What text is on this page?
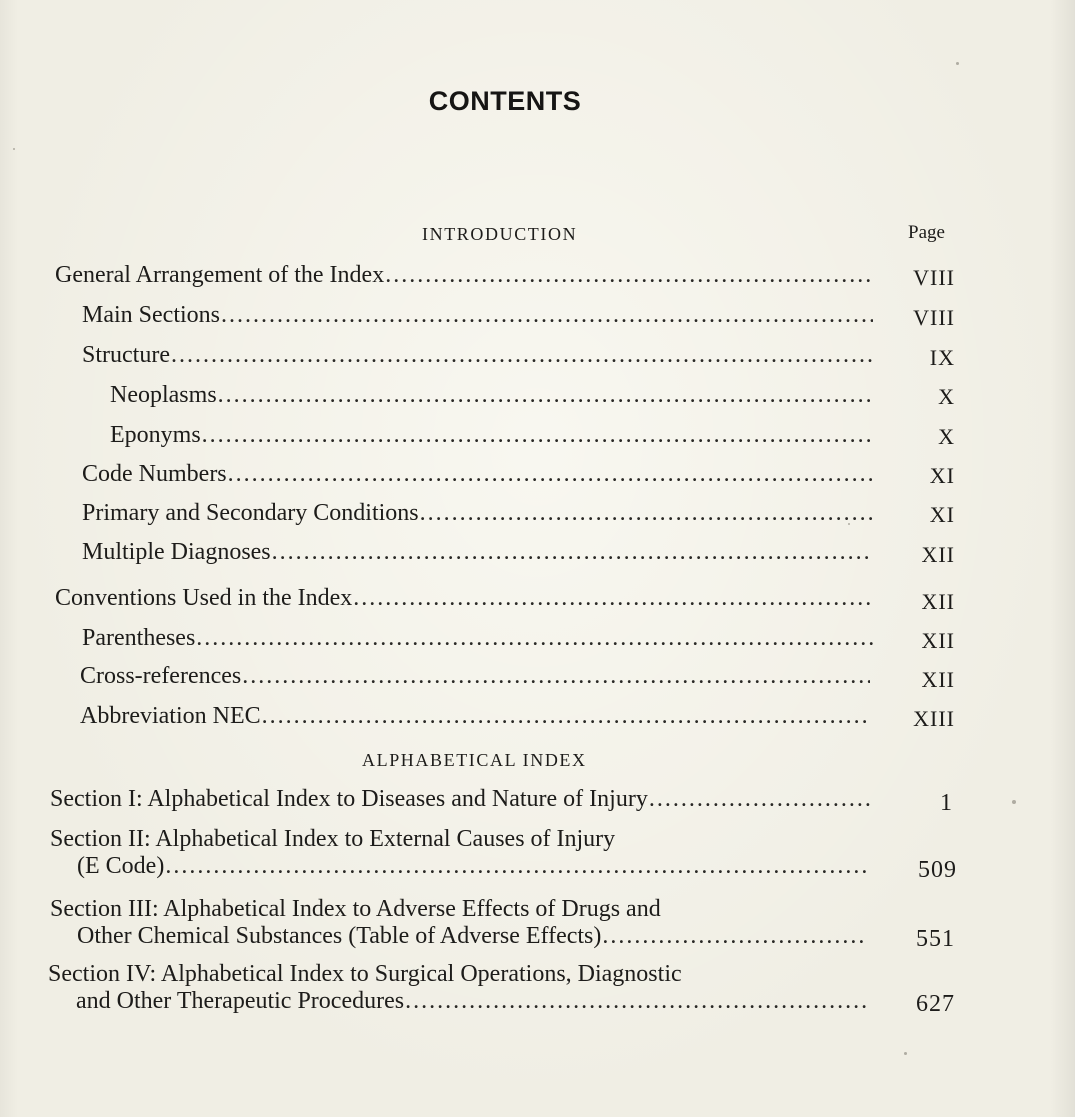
CONTENTS
INTRODUCTION	Page
General Arrangement of the Index .....	VIII
Main Sections .....	VIII
Structure .....	IX
Neoplasms .....	X
Eponyms .....	X
Code Numbers .....	XI
Primary and Secondary Conditions .....	XI
Multiple Diagnoses .....	XII
Conventions Used in the Index .....	XII
Parentheses .....	XII
Cross-references .....	XII
Abbreviation NEC .....	XIII
ALPHABETICAL INDEX
Section I: Alphabetical Index to Diseases and Nature of Injury .....	1
Section II: Alphabetical Index to External Causes of Injury
(E Code) .....	509
Section III: Alphabetical Index to Adverse Effects of Drugs and
Other Chemical Substances (Table of Adverse Effects) .....	551
Section IV: Alphabetical Index to Surgical Operations, Diagnostic
and Other Therapeutic Procedures .....	627
